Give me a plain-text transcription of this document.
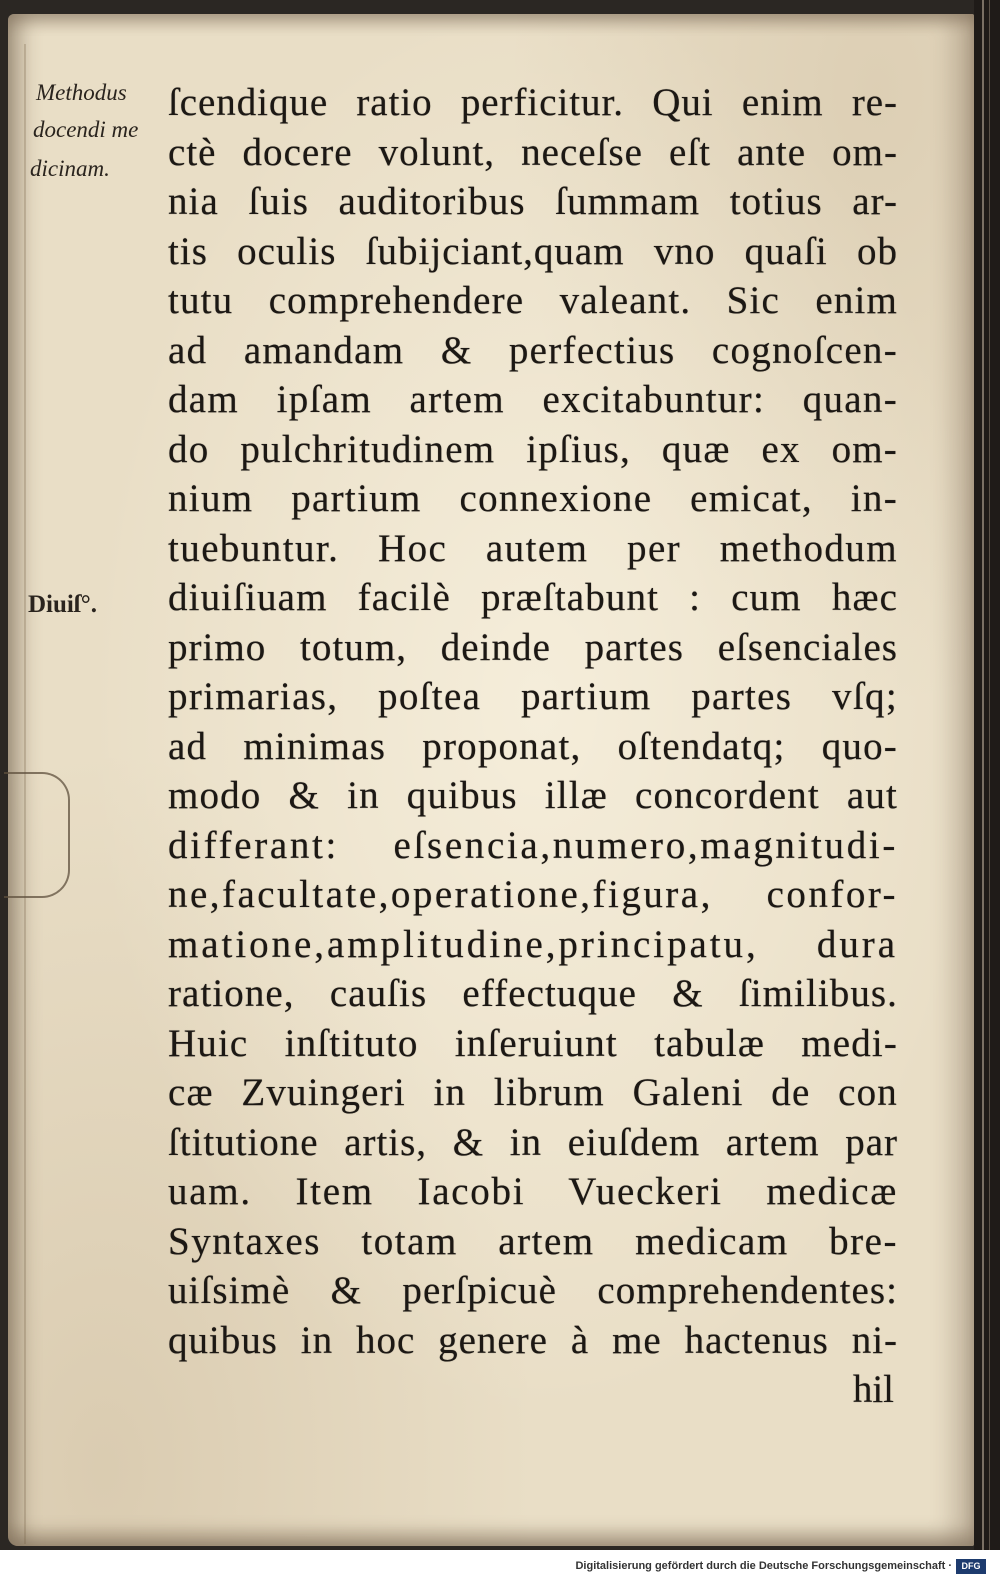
Methodus
docendi me
dicinam.
Diuiſ°.
ſcendique ratio perficitur. Qui enim re-
ctè docere volunt, neceſse eſt ante om-
nia ſuis auditoribus ſummam totius ar-
tis oculis ſubijciant,quam vno quaſi ob
tutu comprehendere valeant. Sic enim
ad amandam & perfectius cognoſcen-
dam ipſam artem excitabuntur: quan-
do pulchritudinem ipſius, quæ ex om-
nium partium connexione emicat, in-
tuebuntur. Hoc autem per methodum
diuiſiuam facilè præſtabunt : cum hæc
primo totum, deinde partes eſsenciales
primarias, poſtea partium partes vſq;
ad minimas proponat, oſtendatq; quo-
modo & in quibus illæ concordent aut
differant: eſsencia,numero,magnitudi-
ne,facultate,operatione,figura, confor-
matione,amplitudine,principatu, dura
ratione, cauſis effectuque & ſimilibus.
Huic inſtituto inſeruiunt tabulæ medi-
cæ Zvuingeri in librum Galeni de con
ſtitutione artis, & in eiuſdem artem par
uam. Item Iacobi Vueckeri medicæ
Syntaxes totam artem medicam bre-
uiſsimè & perſpicuè comprehendentes:
quibus in hoc genere à me hactenus ni-
hil
Digitalisierung gefördert durch die Deutsche Forschungsgemeinschaft ·	DFG
